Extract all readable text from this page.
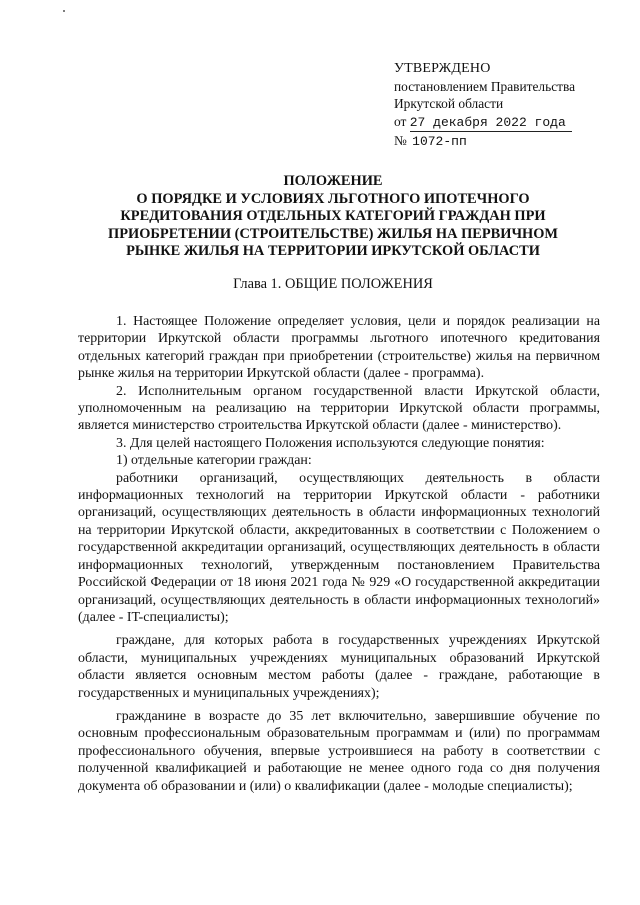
УТВЕРЖДЕНО
постановлением Правительства
Иркутской области
от 27 декабря 2022 года
№ 1072-пп
ПОЛОЖЕНИЕ
О ПОРЯДКЕ И УСЛОВИЯХ ЛЬГОТНОГО ИПОТЕЧНОГО
КРЕДИТОВАНИЯ ОТДЕЛЬНЫХ КАТЕГОРИЙ ГРАЖДАН ПРИ
ПРИОБРЕТЕНИИ (СТРОИТЕЛЬСТВЕ) ЖИЛЬЯ НА ПЕРВИЧНОМ
РЫНКЕ ЖИЛЬЯ НА ТЕРРИТОРИИ ИРКУТСКОЙ ОБЛАСТИ
Глава 1. ОБЩИЕ ПОЛОЖЕНИЯ

1. Настоящее Положение определяет условия, цели и порядок реализации на территории Иркутской области программы льготного ипотечного кредитования отдельных категорий граждан при приобретении (строительстве) жилья на первичном рынке жилья на территории Иркутской области (далее - программа).

2. Исполнительным органом государственной власти Иркутской области, уполномоченным на реализацию на территории Иркутской области программы, является министерство строительства Иркутской области (далее - министерство).

3. Для целей настоящего Положения используются следующие понятия:

1) отдельные категории граждан:

работники организаций, осуществляющих деятельность в области информационных технологий на территории Иркутской области - работники организаций, осуществляющих деятельность в области информационных технологий на территории Иркутской области, аккредитованных в соответствии с Положением о государственной аккредитации организаций, осуществляющих деятельность в области информационных технологий, утвержденным постановлением Правительства Российской Федерации от 18 июня 2021 года № 929 «О государственной аккредитации организаций, осуществляющих деятельность в области информационных технологий» (далее - IT-специалисты);

граждане, для которых работа в государственных учреждениях Иркутской области, муниципальных учреждениях муниципальных образований Иркутской области является основным местом работы (далее - граждане, работающие в государственных и муниципальных учреждениях);

гражданине в возрасте до 35 лет включительно, завершившие обучение по основным профессиональным образовательным программам и (или) по программам профессионального обучения, впервые устроившиеся на работу в соответствии с полученной квалификацией и работающие не менее одного года со дня получения документа об образовании и (или) о квалификации (далее - молодые специалисты);
